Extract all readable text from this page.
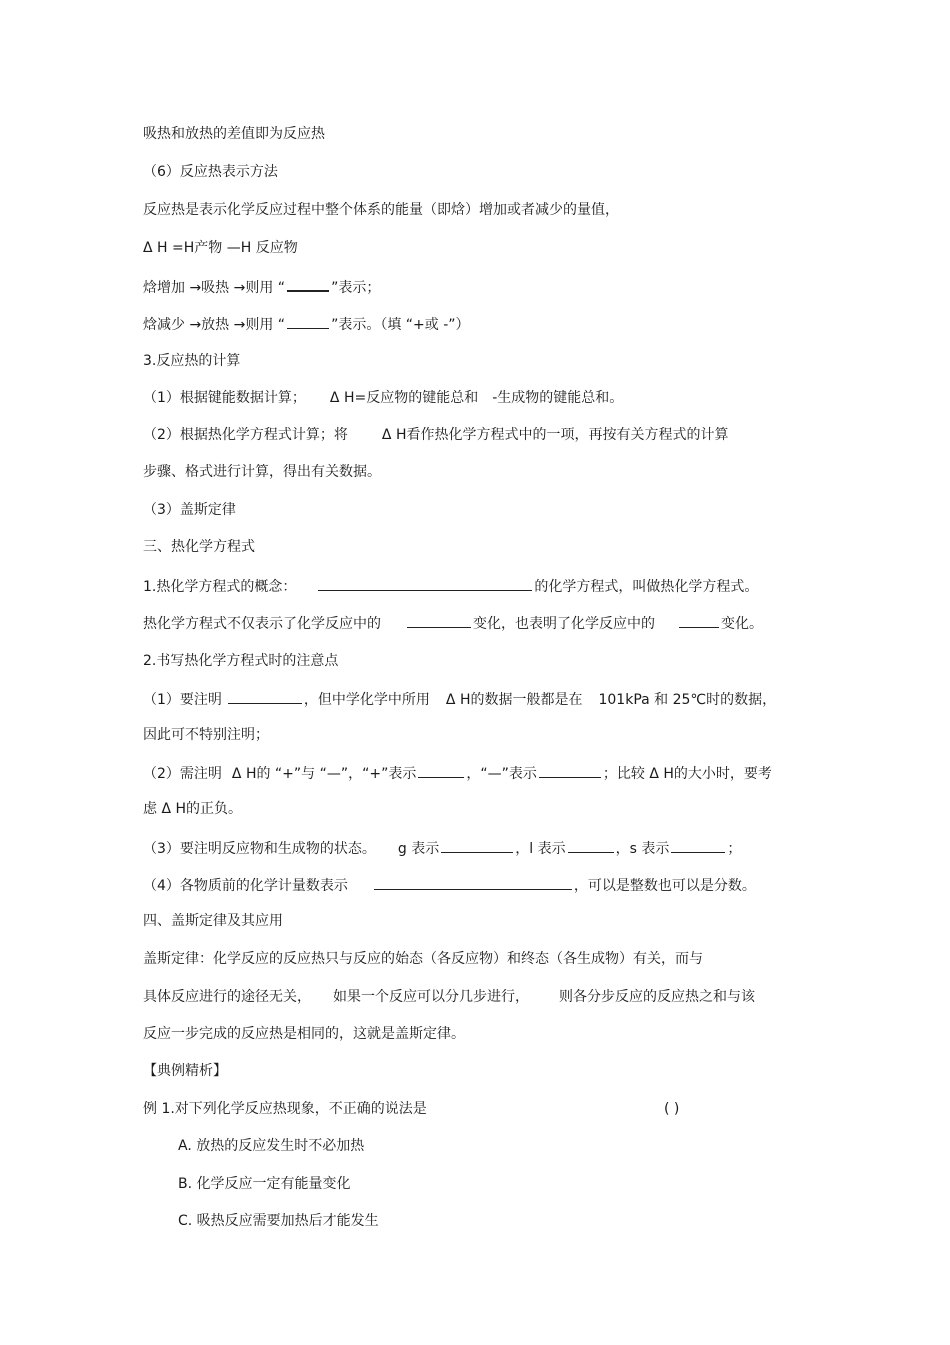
吸热和放热的差值即为反应热
（6）反应热表示方法
反应热是表示化学反应过程中整个体系的能量（即焓）增加或者减少的量值，
Δ H =H产物 —H 反应物
焓增加 →吸热 →则用 “	”表示；
焓减少 →放热 →则用 “	”表示。（填 “+或 -”）
3.反应热的计算
（1）根据键能数据计算； Δ H=反应物的键能总和 -生成物的键能总和。
（2）根据热化学方程式计算；将 Δ H看作热化学方程式中的一项，再按有关方程式的计算
步骤、格式进行计算，得出有关数据。
（3）盖斯定律
三、热化学方程式
1.热化学方程式的概念：	的化学方程式，叫做热化学方程式。
热化学方程式不仅表示了化学反应中的	变化，也表明了化学反应中的	变化。
2.书写热化学方程式时的注意点
（1）要注明	，但中学化学中所用 Δ H的数据一般都是在 101kPa 和 25℃时的数据，
因此可不特别注明；
（2）需注明 Δ H的 “+”与 “—”，“+”表示	，“—”表示	；比较 Δ H的大小时，要考
虑 Δ H的正负。
（3）要注明反应物和生成物的状态。 g 表示	，l 表示	，s 表示	；
（4）各物质前的化学计量数表示	，可以是整数也可以是分数。
四、盖斯定律及其应用
盖斯定律：化学反应的反应热只与反应的始态（各反应物）和终态（各生成物）有关，而与
具体反应进行的途径无关， 如果一个反应可以分几步进行， 则各分步反应的反应热之和与该
反应一步完成的反应热是相同的，这就是盖斯定律。
【典例精析】
例 1.对下列化学反应热现象，不正确的说法是	( )
A. 放热的反应发生时不必加热
B. 化学反应一定有能量变化
C. 吸热反应需要加热后才能发生
